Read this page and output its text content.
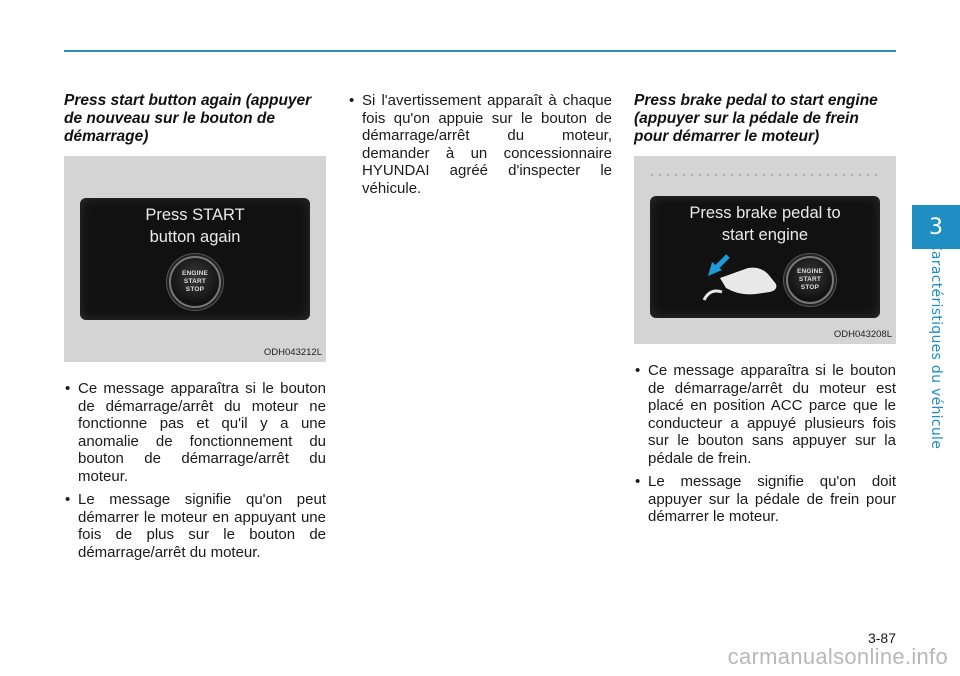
3
Caractéristiques du véhicule

Press start button again (appuyer de nouveau sur le bouton de démarrage)

Press START
button again
ENGINE
START
STOP
ODH043212L
• Ce message apparaîtra si le bouton de démarrage/arrêt du moteur ne fonctionne pas et qu'il y a une anomalie de fonctionnement du bouton de démarrage/arrêt du moteur.
• Le message signifie qu'on peut démarrer le moteur en appuyant une fois de plus sur le bouton de démarrage/arrêt du moteur.
• Si l'avertissement apparaît à chaque fois qu'on appuie sur le bouton de démarrage/arrêt du moteur, demander à un concessionnaire HYUNDAI agréé d'inspecter le véhicule.

Press brake pedal to start engine (appuyer sur la pédale de frein pour démarrer le moteur)

Press brake pedal to
start engine
ENGINE
START
STOP
ODH043208L
• Ce message apparaîtra si le bouton de démarrage/arrêt du moteur est placé en position ACC parce que le conducteur a appuyé plusieurs fois sur le bouton sans appuyer sur la pédale de frein.
• Le message signifie qu'on doit appuyer sur la pédale de frein pour démarrer le moteur.
3-87
carmanualsonline.info
